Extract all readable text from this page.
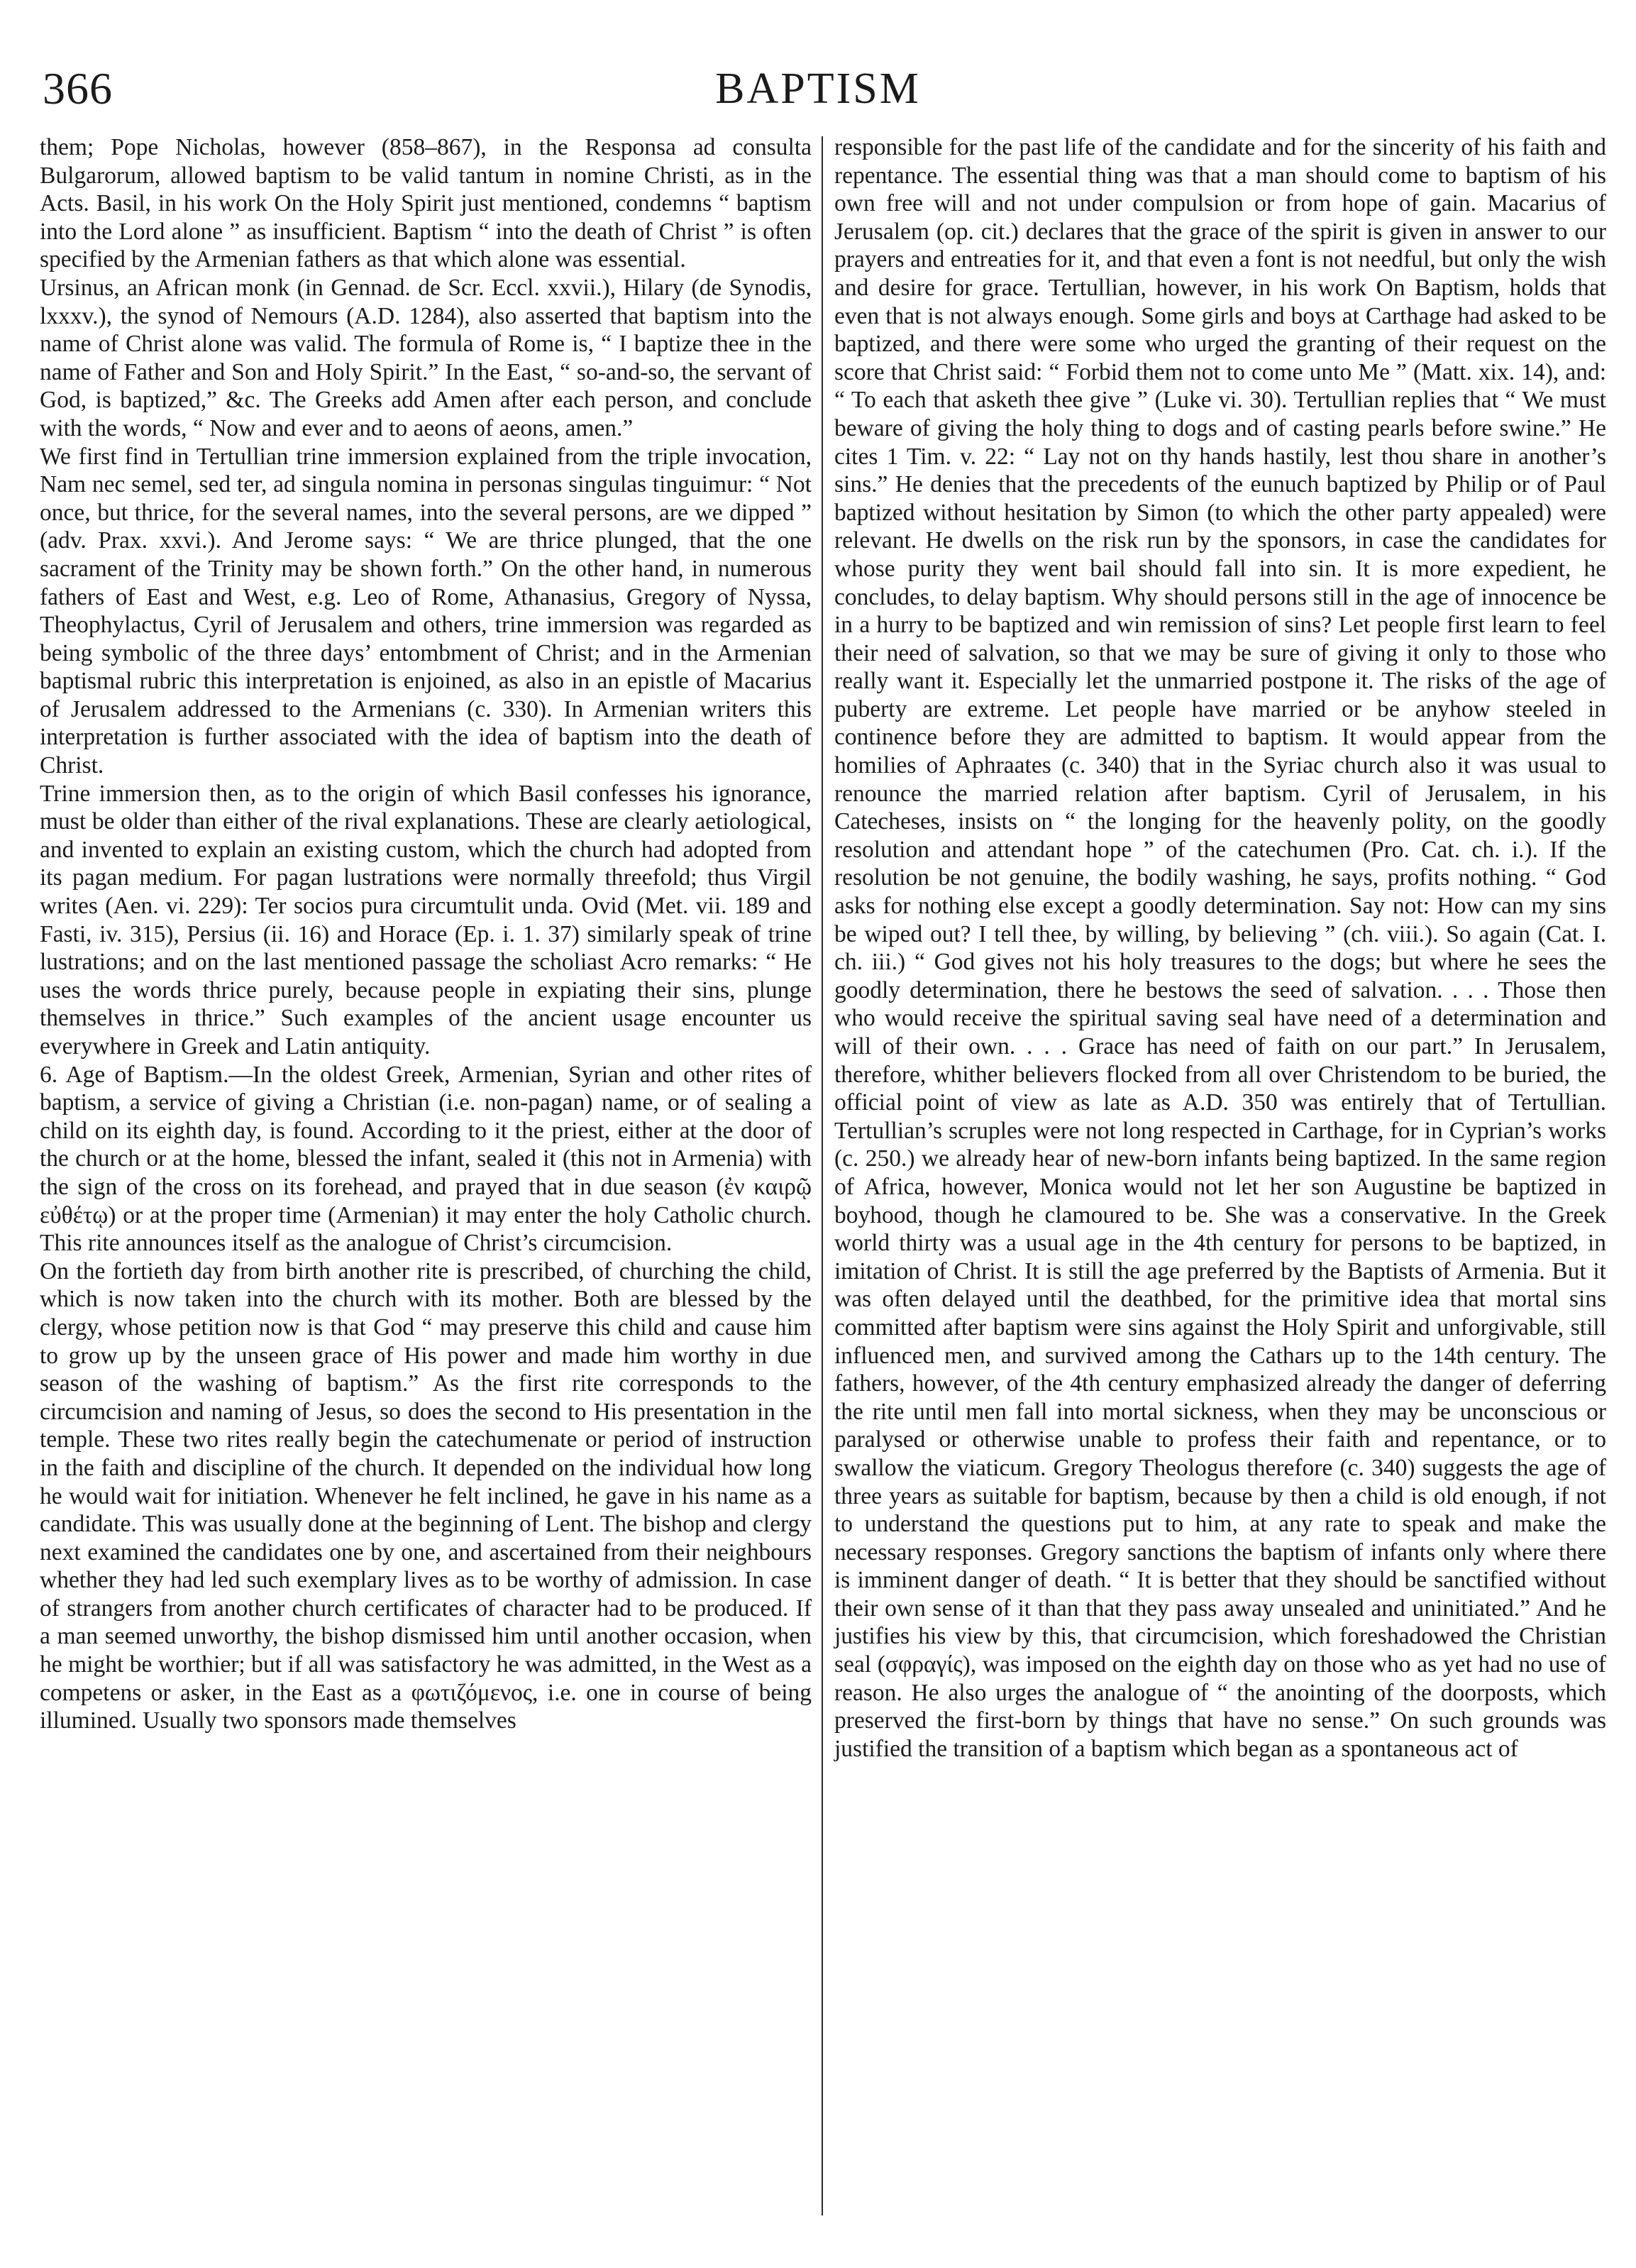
366	BAPTISM

them; Pope Nicholas, however (858–867), in the Responsa ad consulta Bulgarorum, allowed baptism to be valid tantum in nomine Christi, as in the Acts. Basil, in his work On the Holy Spirit just mentioned, condemns “ baptism into the Lord alone ” as insufficient. Baptism “ into the death of Christ ” is often specified by the Armenian fathers as that which alone was essential.

Ursinus, an African monk (in Gennad. de Scr. Eccl. xxvii.), Hilary (de Synodis, lxxxv.), the synod of Nemours (A.D. 1284), also asserted that baptism into the name of Christ alone was valid. The formula of Rome is, “ I baptize thee in the name of Father and Son and Holy Spirit.” In the East, “ so-and-so, the servant of God, is baptized,” &c. The Greeks add Amen after each person, and conclude with the words, “ Now and ever and to aeons of aeons, amen.”

We first find in Tertullian trine immersion explained from the triple invocation, Nam nec semel, sed ter, ad singula nomina in personas singulas tinguimur: “ Not once, but thrice, for the several names, into the several persons, are we dipped ” (adv. Prax. xxvi.). And Jerome says: “ We are thrice plunged, that the one sacrament of the Trinity may be shown forth.” On the other hand, in numerous fathers of East and West, e.g. Leo of Rome, Athanasius, Gregory of Nyssa, Theophylactus, Cyril of Jerusalem and others, trine immersion was regarded as being symbolic of the three days’ entombment of Christ; and in the Armenian baptismal rubric this interpretation is enjoined, as also in an epistle of Macarius of Jerusalem addressed to the Armenians (c. 330). In Armenian writers this interpretation is further associated with the idea of baptism into the death of Christ.

Trine immersion then, as to the origin of which Basil confesses his ignorance, must be older than either of the rival explanations. These are clearly aetiological, and invented to explain an existing custom, which the church had adopted from its pagan medium. For pagan lustrations were normally threefold; thus Virgil writes (Aen. vi. 229): Ter socios pura circumtulit unda. Ovid (Met. vii. 189 and Fasti, iv. 315), Persius (ii. 16) and Horace (Ep. i. 1. 37) similarly speak of trine lustrations; and on the last mentioned passage the scholiast Acro remarks: “ He uses the words thrice purely, because people in expiating their sins, plunge themselves in thrice.” Such examples of the ancient usage encounter us everywhere in Greek and Latin antiquity.

6. Age of Baptism.—In the oldest Greek, Armenian, Syrian and other rites of baptism, a service of giving a Christian (i.e. non-pagan) name, or of sealing a child on its eighth day, is found. According to it the priest, either at the door of the church or at the home, blessed the infant, sealed it (this not in Armenia) with the sign of the cross on its forehead, and prayed that in due season (ἐν καιρῷ εὐθέτῳ) or at the proper time (Armenian) it may enter the holy Catholic church. This rite announces itself as the analogue of Christ’s circumcision.

On the fortieth day from birth another rite is prescribed, of churching the child, which is now taken into the church with its mother. Both are blessed by the clergy, whose petition now is that God “ may preserve this child and cause him to grow up by the unseen grace of His power and made him worthy in due season of the washing of baptism.” As the first rite corresponds to the circumcision and naming of Jesus, so does the second to His presentation in the temple. These two rites really begin the catechumenate or period of instruction in the faith and discipline of the church. It depended on the individual how long he would wait for initiation. Whenever he felt inclined, he gave in his name as a candidate. This was usually done at the beginning of Lent. The bishop and clergy next examined the candidates one by one, and ascertained from their neighbours whether they had led such exemplary lives as to be worthy of admission. In case of strangers from another church certificates of character had to be produced. If a man seemed unworthy, the bishop dismissed him until another occasion, when he might be worthier; but if all was satisfactory he was admitted, in the West as a competens or asker, in the East as a φωτιζόμενος, i.e. one in course of being illumined. Usually two sponsors made themselves

responsible for the past life of the candidate and for the sincerity of his faith and repentance. The essential thing was that a man should come to baptism of his own free will and not under compulsion or from hope of gain. Macarius of Jerusalem (op. cit.) declares that the grace of the spirit is given in answer to our prayers and entreaties for it, and that even a font is not needful, but only the wish and desire for grace. Tertullian, however, in his work On Baptism, holds that even that is not always enough. Some girls and boys at Carthage had asked to be baptized, and there were some who urged the granting of their request on the score that Christ said: “ Forbid them not to come unto Me ” (Matt. xix. 14), and: “ To each that asketh thee give ” (Luke vi. 30). Tertullian replies that “ We must beware of giving the holy thing to dogs and of casting pearls before swine.” He cites 1 Tim. v. 22: “ Lay not on thy hands hastily, lest thou share in another’s sins.” He denies that the precedents of the eunuch baptized by Philip or of Paul baptized without hesitation by Simon (to which the other party appealed) were relevant. He dwells on the risk run by the sponsors, in case the candidates for whose purity they went bail should fall into sin. It is more expedient, he concludes, to delay baptism. Why should persons still in the age of innocence be in a hurry to be baptized and win remission of sins? Let people first learn to feel their need of salvation, so that we may be sure of giving it only to those who really want it. Especially let the unmarried postpone it. The risks of the age of puberty are extreme. Let people have married or be anyhow steeled in continence before they are admitted to baptism. It would appear from the homilies of Aphraates (c. 340) that in the Syriac church also it was usual to renounce the married relation after baptism. Cyril of Jerusalem, in his Catecheses, insists on “ the longing for the heavenly polity, on the goodly resolution and attendant hope ” of the catechumen (Pro. Cat. ch. i.). If the resolution be not genuine, the bodily washing, he says, profits nothing. “ God asks for nothing else except a goodly determination. Say not: How can my sins be wiped out? I tell thee, by willing, by believing ” (ch. viii.). So again (Cat. I. ch. iii.) “ God gives not his holy treasures to the dogs; but where he sees the goodly determination, there he bestows the seed of salvation. . . . Those then who would receive the spiritual saving seal have need of a determination and will of their own. . . . Grace has need of faith on our part.” In Jerusalem, therefore, whither believers flocked from all over Christendom to be buried, the official point of view as late as A.D. 350 was entirely that of Tertullian. Tertullian’s scruples were not long respected in Carthage, for in Cyprian’s works (c. 250.) we already hear of new-born infants being baptized. In the same region of Africa, however, Monica would not let her son Augustine be baptized in boyhood, though he clamoured to be. She was a conservative. In the Greek world thirty was a usual age in the 4th century for persons to be baptized, in imitation of Christ. It is still the age preferred by the Baptists of Armenia. But it was often delayed until the deathbed, for the primitive idea that mortal sins committed after baptism were sins against the Holy Spirit and unforgivable, still influenced men, and survived among the Cathars up to the 14th century. The fathers, however, of the 4th century emphasized already the danger of deferring the rite until men fall into mortal sickness, when they may be unconscious or paralysed or otherwise unable to profess their faith and repentance, or to swallow the viaticum. Gregory Theologus therefore (c. 340) suggests the age of three years as suitable for baptism, because by then a child is old enough, if not to understand the questions put to him, at any rate to speak and make the necessary responses. Gregory sanctions the baptism of infants only where there is imminent danger of death. “ It is better that they should be sanctified without their own sense of it than that they pass away unsealed and uninitiated.” And he justifies his view by this, that circumcision, which foreshadowed the Christian seal (σφραγίς), was imposed on the eighth day on those who as yet had no use of reason. He also urges the analogue of “ the anointing of the doorposts, which preserved the first-born by things that have no sense.” On such grounds was justified the transition of a baptism which began as a spontaneous act of
